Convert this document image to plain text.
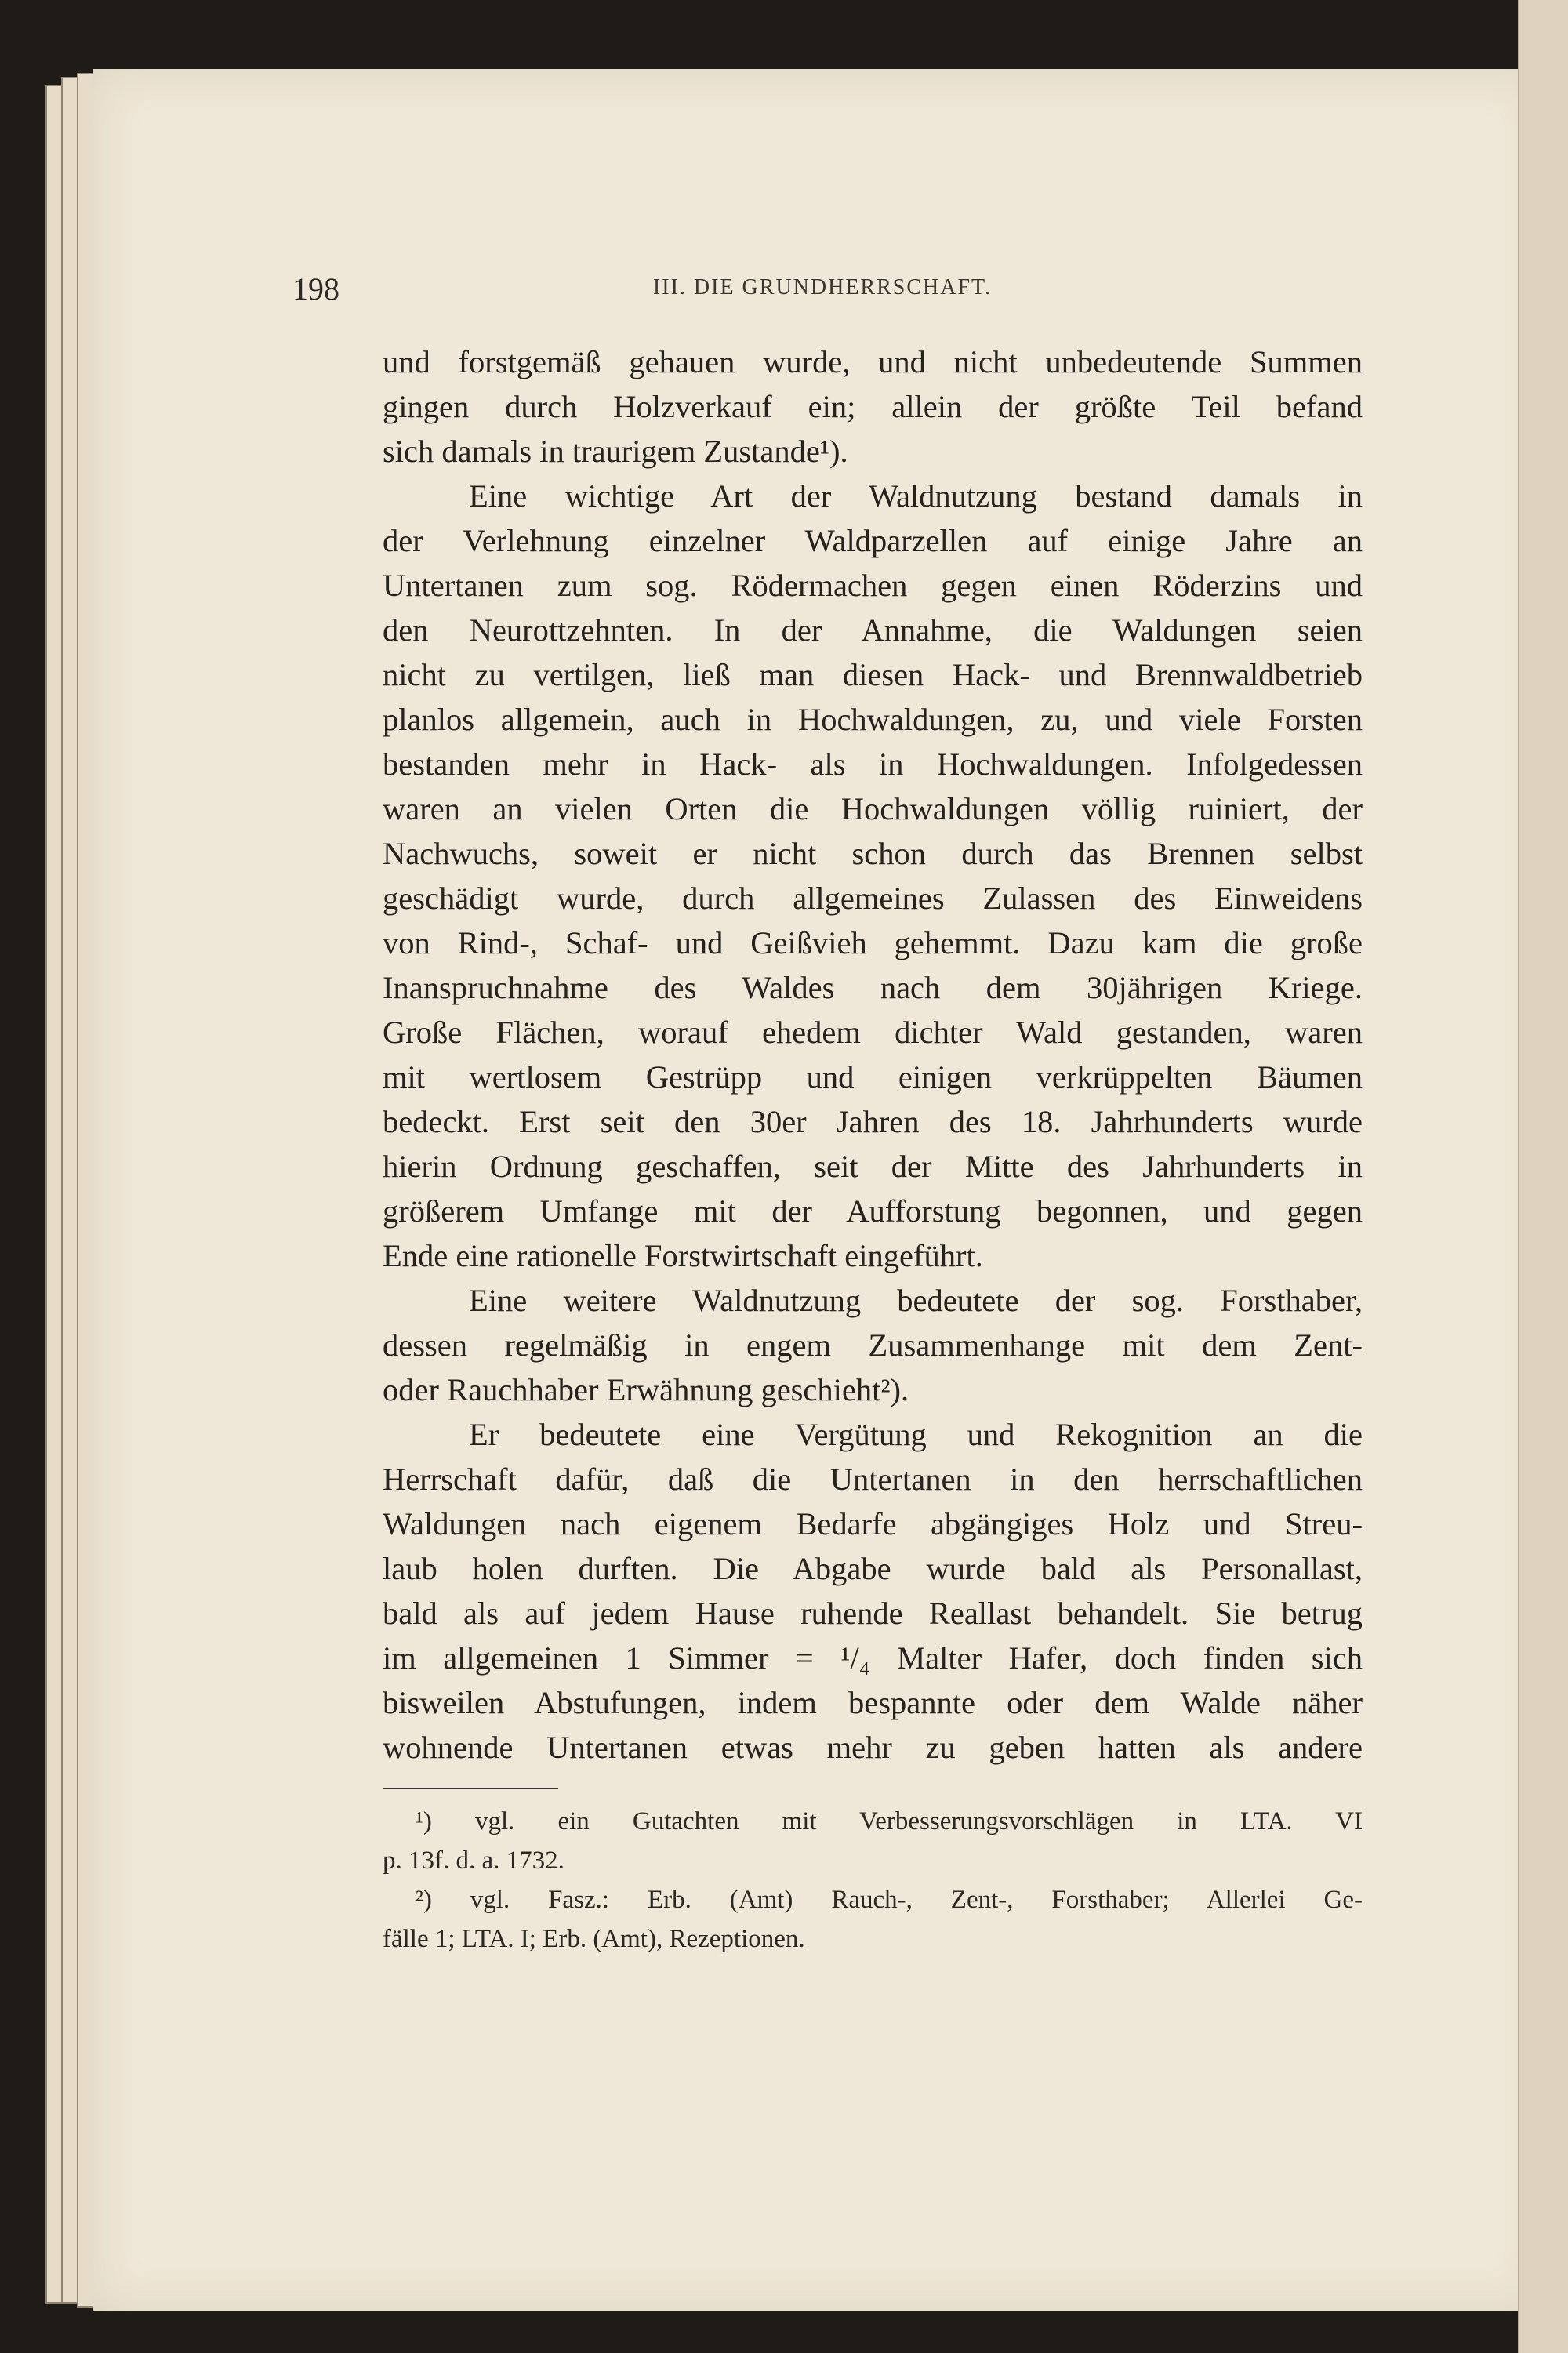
198	III. DIE GRUNDHERRSCHAFT.
und forstgemäß gehauen wurde, und nicht unbedeutende Summen
gingen durch Holzverkauf ein; allein der größte Teil befand
sich damals in traurigem Zustande¹).
Eine wichtige Art der Waldnutzung bestand damals in
der Verlehnung einzelner Waldparzellen auf einige Jahre an
Untertanen zum sog. Rödermachen gegen einen Röderzins und
den Neurottzehnten. In der Annahme, die Waldungen seien
nicht zu vertilgen, ließ man diesen Hack- und Brennwaldbetrieb
planlos allgemein, auch in Hochwaldungen, zu, und viele Forsten
bestanden mehr in Hack- als in Hochwaldungen. Infolgedessen
waren an vielen Orten die Hochwaldungen völlig ruiniert, der
Nachwuchs, soweit er nicht schon durch das Brennen selbst
geschädigt wurde, durch allgemeines Zulassen des Einweidens
von Rind-, Schaf- und Geißvieh gehemmt. Dazu kam die große
Inanspruchnahme des Waldes nach dem 30jährigen Kriege.
Große Flächen, worauf ehedem dichter Wald gestanden, waren
mit wertlosem Gestrüpp und einigen verkrüppelten Bäumen
bedeckt. Erst seit den 30er Jahren des 18. Jahrhunderts wurde
hierin Ordnung geschaffen, seit der Mitte des Jahrhunderts in
größerem Umfange mit der Aufforstung begonnen, und gegen
Ende eine rationelle Forstwirtschaft eingeführt.
Eine weitere Waldnutzung bedeutete der sog. Forsthaber,
dessen regelmäßig in engem Zusammenhange mit dem Zent-
oder Rauchhaber Erwähnung geschieht²).
Er bedeutete eine Vergütung und Rekognition an die
Herrschaft dafür, daß die Untertanen in den herrschaftlichen
Waldungen nach eigenem Bedarfe abgängiges Holz und Streu-
laub holen durften. Die Abgabe wurde bald als Personallast,
bald als auf jedem Hause ruhende Reallast behandelt. Sie betrug
im allgemeinen 1 Simmer = ¹/₄ Malter Hafer, doch finden sich
bisweilen Abstufungen, indem bespannte oder dem Walde näher
wohnende Untertanen etwas mehr zu geben hatten als andere
¹) vgl. ein Gutachten mit Verbesserungsvorschlägen in LTA. VI
p. 13f. d. a. 1732.
²) vgl. Fasz.: Erb. (Amt) Rauch-, Zent-, Forsthaber; Allerlei Ge-
fälle 1; LTA. I; Erb. (Amt), Rezeptionen.
